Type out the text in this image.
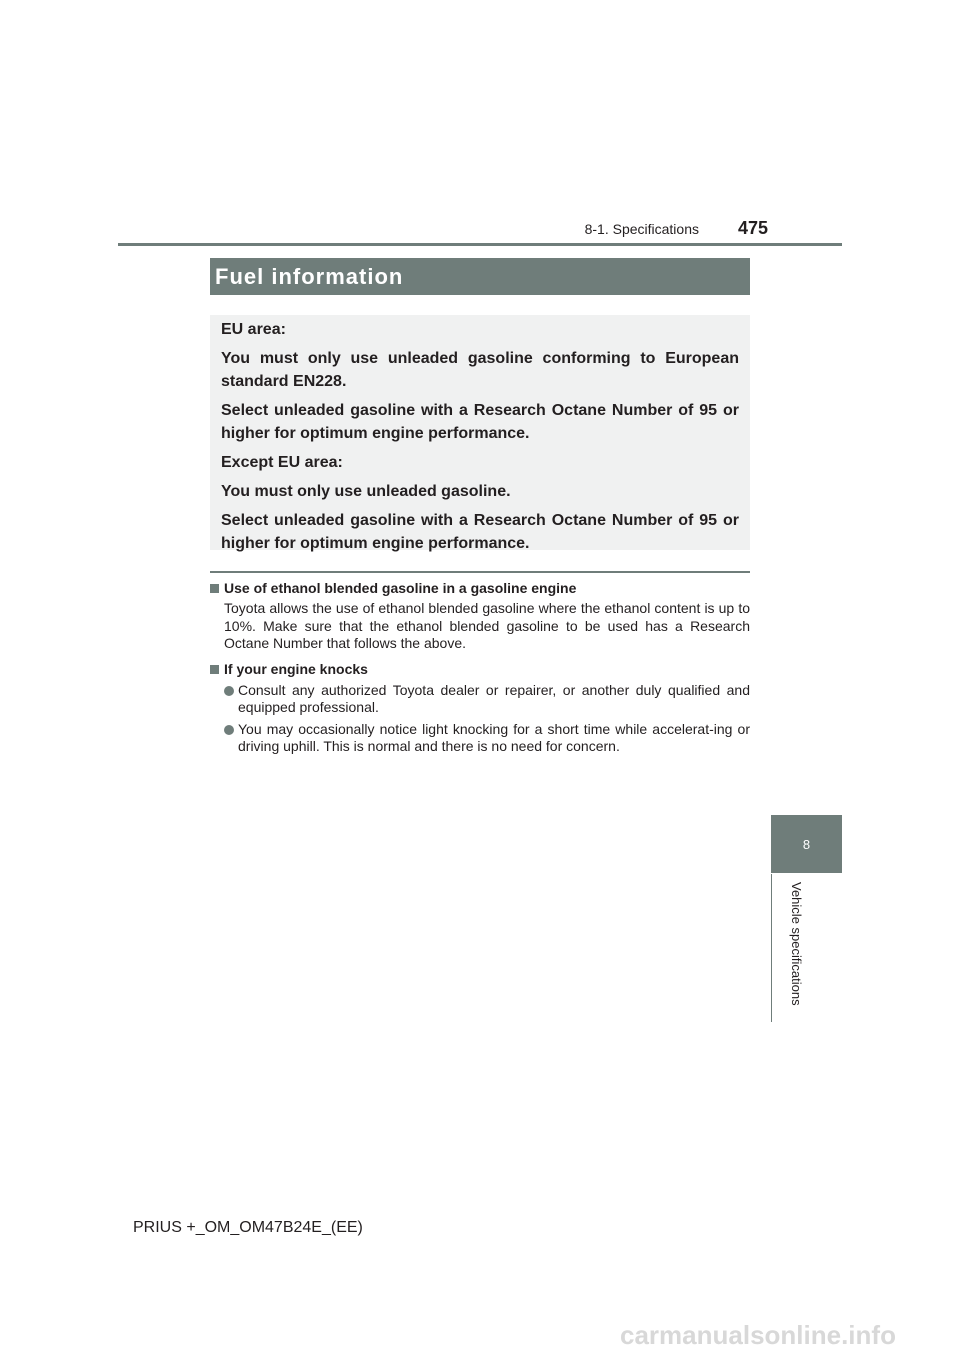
8-1. Specifications 475
Fuel information

EU area:

You must only use unleaded gasoline conforming to European standard EN228.

Select unleaded gasoline with a Research Octane Number of 95 or higher for optimum engine performance.

Except EU area:

You must only use unleaded gasoline.

Select unleaded gasoline with a Research Octane Number of 95 or higher for optimum engine performance.

Use of ethanol blended gasoline in a gasoline engine
Toyota allows the use of ethanol blended gasoline where the ethanol content is up to 10%. Make sure that the ethanol blended gasoline to be used has a Research Octane Number that follows the above.
If your engine knocks
Consult any authorized Toyota dealer or repairer, or another duly qualified and equipped professional.
You may occasionally notice light knocking for a short time while accelerat-ing or driving uphill. This is normal and there is no need for concern.
8
Vehicle specifications
PRIUS +_OM_OM47B24E_(EE)
carmanualsonline.info
